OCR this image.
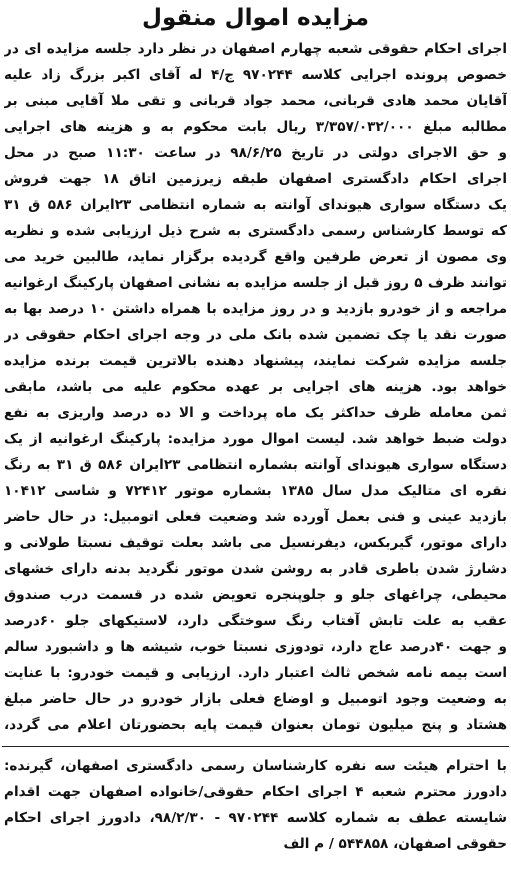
مزایده اموال منقول
اجرای احکام حقوقی شعبه چهارم اصفهان در نظر دارد جلسه مزایده ای در
خصوص پرونده اجرایی کلاسه ۹۷۰۲۴۴ ج/۴ له آقای اکبر بزرگ زاد علیه
آقایان محمد هادی قربانی، محمد جواد قربانی و تقی ملا آقایی مبنی بر
مطالبه مبلغ ۳/۳۵۷/۰۳۲/۰۰۰ ریال بابت محکوم به و هزینه های اجرایی
و حق الاجرای دولتی در تاریخ ۹۸/۶/۲۵ در ساعت ۱۱:۳۰ صبح در محل
اجرای احکام دادگستری اصفهان طبقه زیرزمین اتاق ۱۸ جهت فروش
یک دستگاه سواری هیوندای آوانته به شماره انتظامی ۲۳ایران ۵۸۶ ق ۳۱
که توسط کارشناس رسمی دادگستری به شرح ذیل ارزیابی شده و نظریه
وی مصون از تعرض طرفین واقع گردیده برگزار نماید، طالبین خرید می
توانند ظرف ۵ روز قبل از جلسه مزایده به نشانی اصفهان پارکینگ ارغوانیه
مراجعه و از خودرو بازدید و در روز مزایده با همراه داشتن ۱۰ درصد بها به
صورت نقد یا چک تضمین شده بانک ملی در وجه اجرای احکام حقوقی در
جلسه مزایده شرکت نمایند، پیشنهاد دهنده بالاترین قیمت برنده مزایده
خواهد بود. هزینه های اجرایی بر عهده محکوم علیه می باشد، مابقی
ثمن معامله ظرف حداکثر یک ماه پرداخت و الا ده درصد واریزی به نفع
دولت ضبط خواهد شد. لیست اموال مورد مزایده: پارکینگ ارغوانیه از یک
دستگاه سواری هیوندای آوانته بشماره انتظامی ۲۳ایران ۵۸۶ ق ۳۱ به رنگ
نقره ای متالیک مدل سال ۱۳۸۵ بشماره موتور ۷۲۴۱۲ و شاسی ۱۰۴۱۲
بازدید عینی و فنی بعمل آورده شد وضعیت فعلی اتومبیل: در حال حاضر
دارای موتور، گیربکس، دیفرنسیل می باشد بعلت توقیف نسبتا طولانی و
دشارژ شدن باطری قادر به روشن شدن موتور نگردید بدنه دارای خشهای
محیطی، چراغهای جلو و جلوپنجره تعویض شده در قسمت درب صندوق
عقب به علت تابش آفتاب رنگ سوختگی دارد، لاستیکهای جلو ۶۰درصد
و جهت ۴۰درصد عاج دارد، تودوزی نسبتا خوب، شیشه ها و داشبورد سالم
است بیمه نامه شخص ثالث اعتبار دارد. ارزیابی و قیمت خودرو: با عنایت
به وضعیت وجود اتومبیل و اوضاع فعلی بازار خودرو در حال حاضر مبلغ
هشتاد و پنج میلیون تومان بعنوان قیمت پایه بحضورتان اعلام می گردد،
با احترام هیئت سه نفره کارشناسان رسمی دادگستری اصفهان، گیرنده:
دادورز محترم شعبه ۴ اجرای احکام حقوقی/خانواده اصفهان جهت اقدام
شایسته عطف به شماره کلاسه ۹۷۰۲۴۴ - ۹۸/۲/۳۰، دادورز اجرای احکام
حقوقی اصفهان، ۵۴۴۸۵۸ / م الف
